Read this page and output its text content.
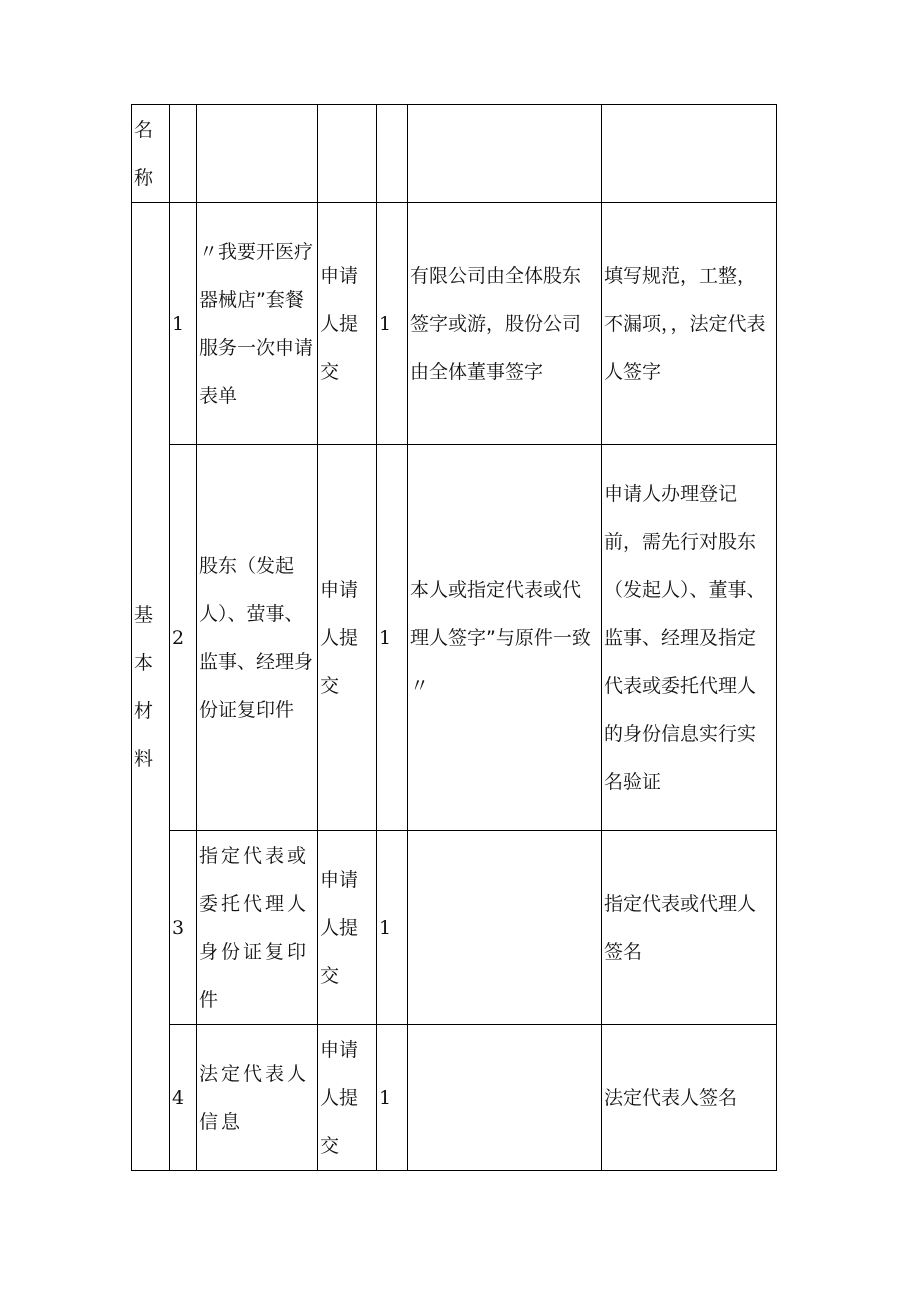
名称						
基本材料	1	〃我要开医疗器械店”套餐服务一次申请表单	申请人提交	1	有限公司由全体股东签字或游，股份公司由全体董事签字	填写规范，工整，不漏项，，法定代表人签字
	2	股东（发起人）、萤事、监事、经理身份证复印件	申请人提交	1	本人或指定代表或代理人签字”与原件一致〃	申请人办理登记前，需先行对股东（发起人）、董事、监事、经理及指定代表或委托代理人的身份信息实行实名验证
	3	指定代表或委托代理人身份证复印件	申请人提交	1		指定代表或代理人签名
	4	法定代表人信息	申请人提交	1		法定代表人签名
